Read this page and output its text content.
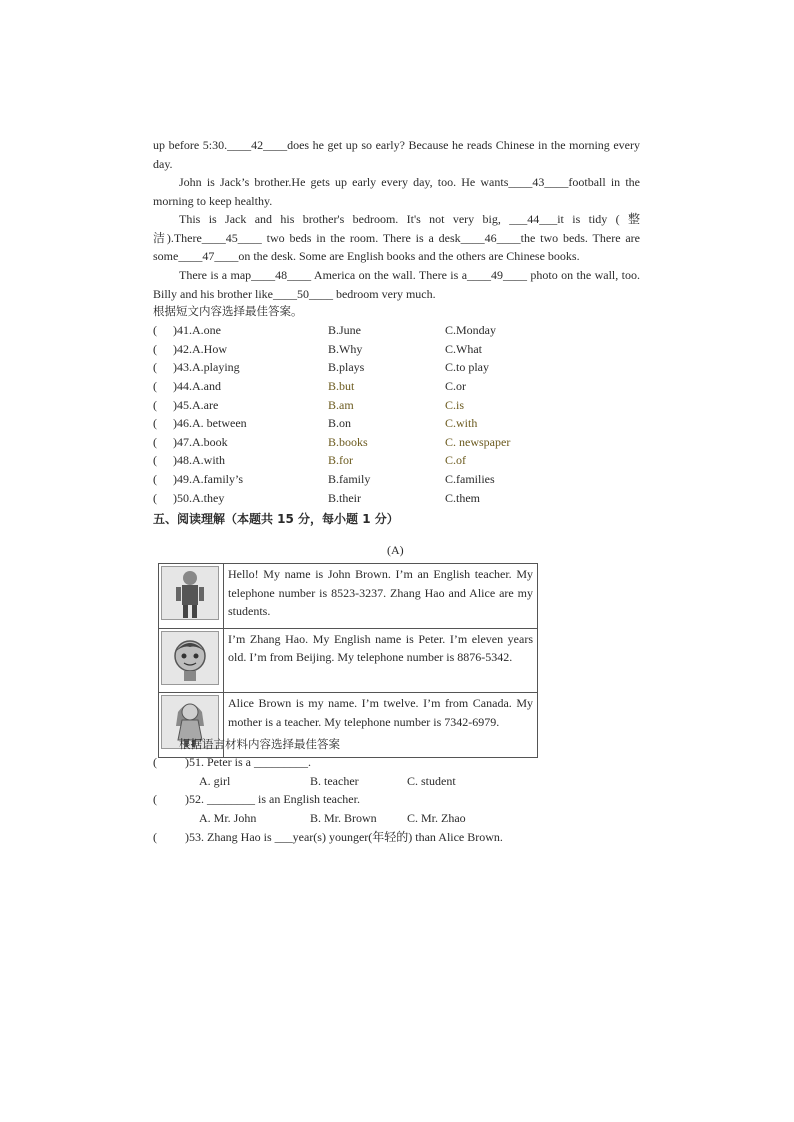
up before 5:30.____42____does he get up so early? Because he reads Chinese in the morning every day.

John is Jack’s brother.He gets up early every day, too. He wants____43____football in the morning to keep healthy.

This is Jack and his brother's bedroom. It's not very big, ___44___it is tidy ( 整洁).There____45____ two beds in the room. There is a desk____46____the two beds. There are some____47____on the desk. Some are English books and the others are Chinese books.

There is a map____48____ America on the wall. There is a____49____ photo on the wall, too. Billy and his brother like____50____ bedroom very much.

根据短文内容选择最佳答案。
( )41.A.one	B.June	C.Monday
( )42.A.How	B.Why	C.What
( )43.A.playing	B.plays	C.to play
( )44.A.and	B.but	C.or
( )45.A.are	B.am	C.is
( )46.A. between	B.on	C.with
( )47.A.book	B.books	C. newspaper
( )48.A.with	B.for	C.of
( )49.A.family’s	B.family	C.families
( )50.A.they	B.their	C.them
五、阅读理解（本题共 15 分，每小题 1 分）
(A)
	Hello! My name is John Brown. I’m an English teacher. My telephone number is 8523-3237. Zhang Hao and Alice are my students.
	I’m Zhang Hao. My English name is Peter. I’m eleven years old. I’m from Beijing. My telephone number is 8876-5342.
	Alice Brown is my name. I’m twelve. I’m from Canada. My mother is a teacher. My telephone number is 7342-6979.
根据语言材料内容选择最佳答案
( )51. Peter is a _________.
A. girl	B. teacher	C. student
( )52. ________ is an English teacher.
A. Mr. John	B. Mr. Brown	C. Mr. Zhao
( )53. Zhang Hao is ___year(s) younger(年轻的) than Alice Brown.
